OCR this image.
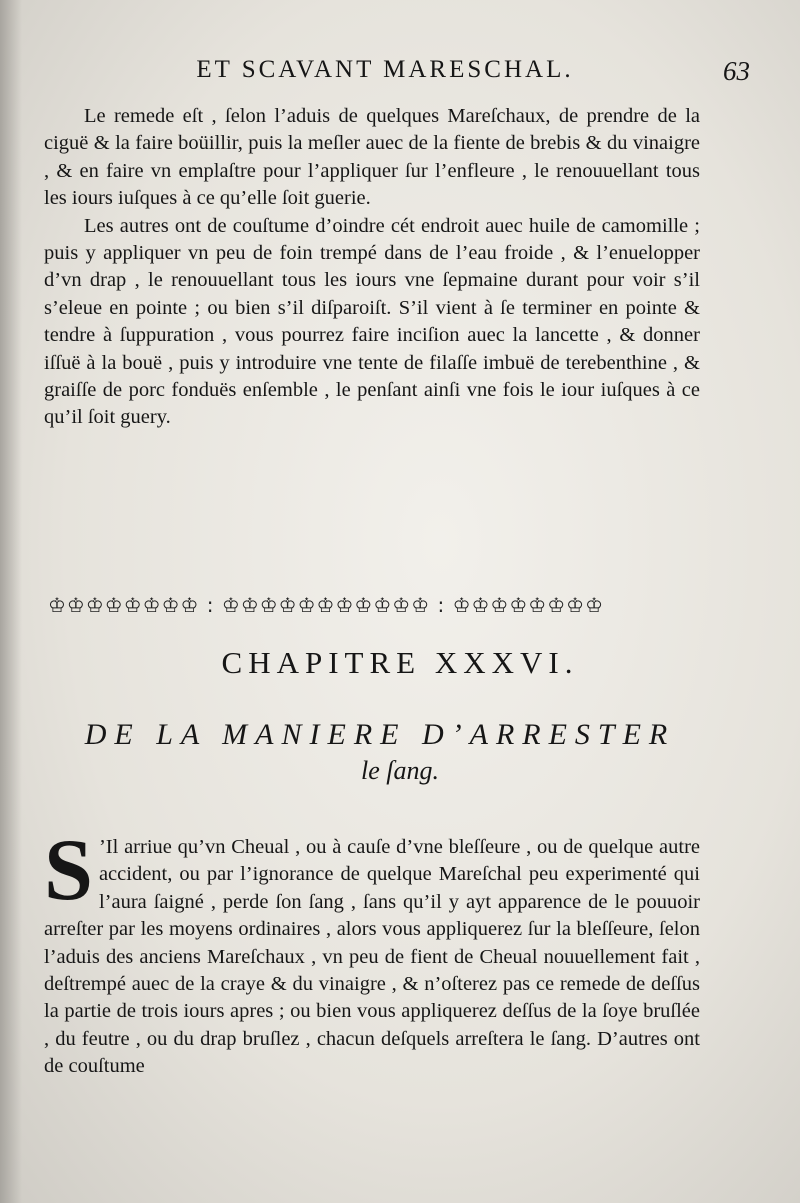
ET SCAVANT MARESCHAL.	63

Le remede eſt , ſelon l’aduis de quelques Mareſchaux, de prendre de la ciguë & la faire boüillir, puis la meſler auec de la fiente de brebis & du vinaigre , & en faire vn emplaſtre pour l’appliquer ſur l’enfleure , le renouuellant tous les iours iuſques à ce qu’elle ſoit guerie.

Les autres ont de couſtume d’oindre cét endroit auec huile de camomille ; puis y appliquer vn peu de foin trempé dans de l’eau froide , & l’enuelopper d’vn drap , le renouuellant tous les iours vne ſepmaine durant pour voir s’il s’eleue en pointe ; ou bien s’il diſparoiſt. S’il vient à ſe terminer en pointe & tendre à ſuppuration , vous pourrez faire inciſion auec la lancette , & donner iſſuë à la bouë , puis y introduire vne tente de filaſſe imbuë de terebenthine , & graiſſe de porc fonduës enſemble , le penſant ainſi vne fois le iour iuſques à ce qu’il ſoit guery.

♔♔♔♔♔♔♔♔ : ♔♔♔♔♔♔♔♔♔♔♔ : ♔♔♔♔♔♔♔♔
CHAPITRE XXXVI.
DE LA MANIERE D’ARRESTER
le ſang.
S ’Il arriue qu’vn Cheual , ou à cauſe d’vne bleſſeure , ou de quelque autre accident, ou par l’ignorance de quelque Mareſchal peu experimenté qui l’aura ſaigné , perde ſon ſang , ſans qu’il y ayt apparence de le pouuoir arreſter par les moyens ordinaires , alors vous appliquerez ſur la bleſſeure, ſelon l’aduis des anciens Mareſchaux , vn peu de fient de Cheual nouuellement fait , deſtrempé auec de la craye & du vinaigre , & n’oſterez pas ce remede de deſſus la partie de trois iours apres ; ou bien vous appliquerez deſſus de la ſoye bruſlée , du feutre , ou du drap bruſlez , chacun deſquels arreſtera le ſang. D’autres ont de couſtume
